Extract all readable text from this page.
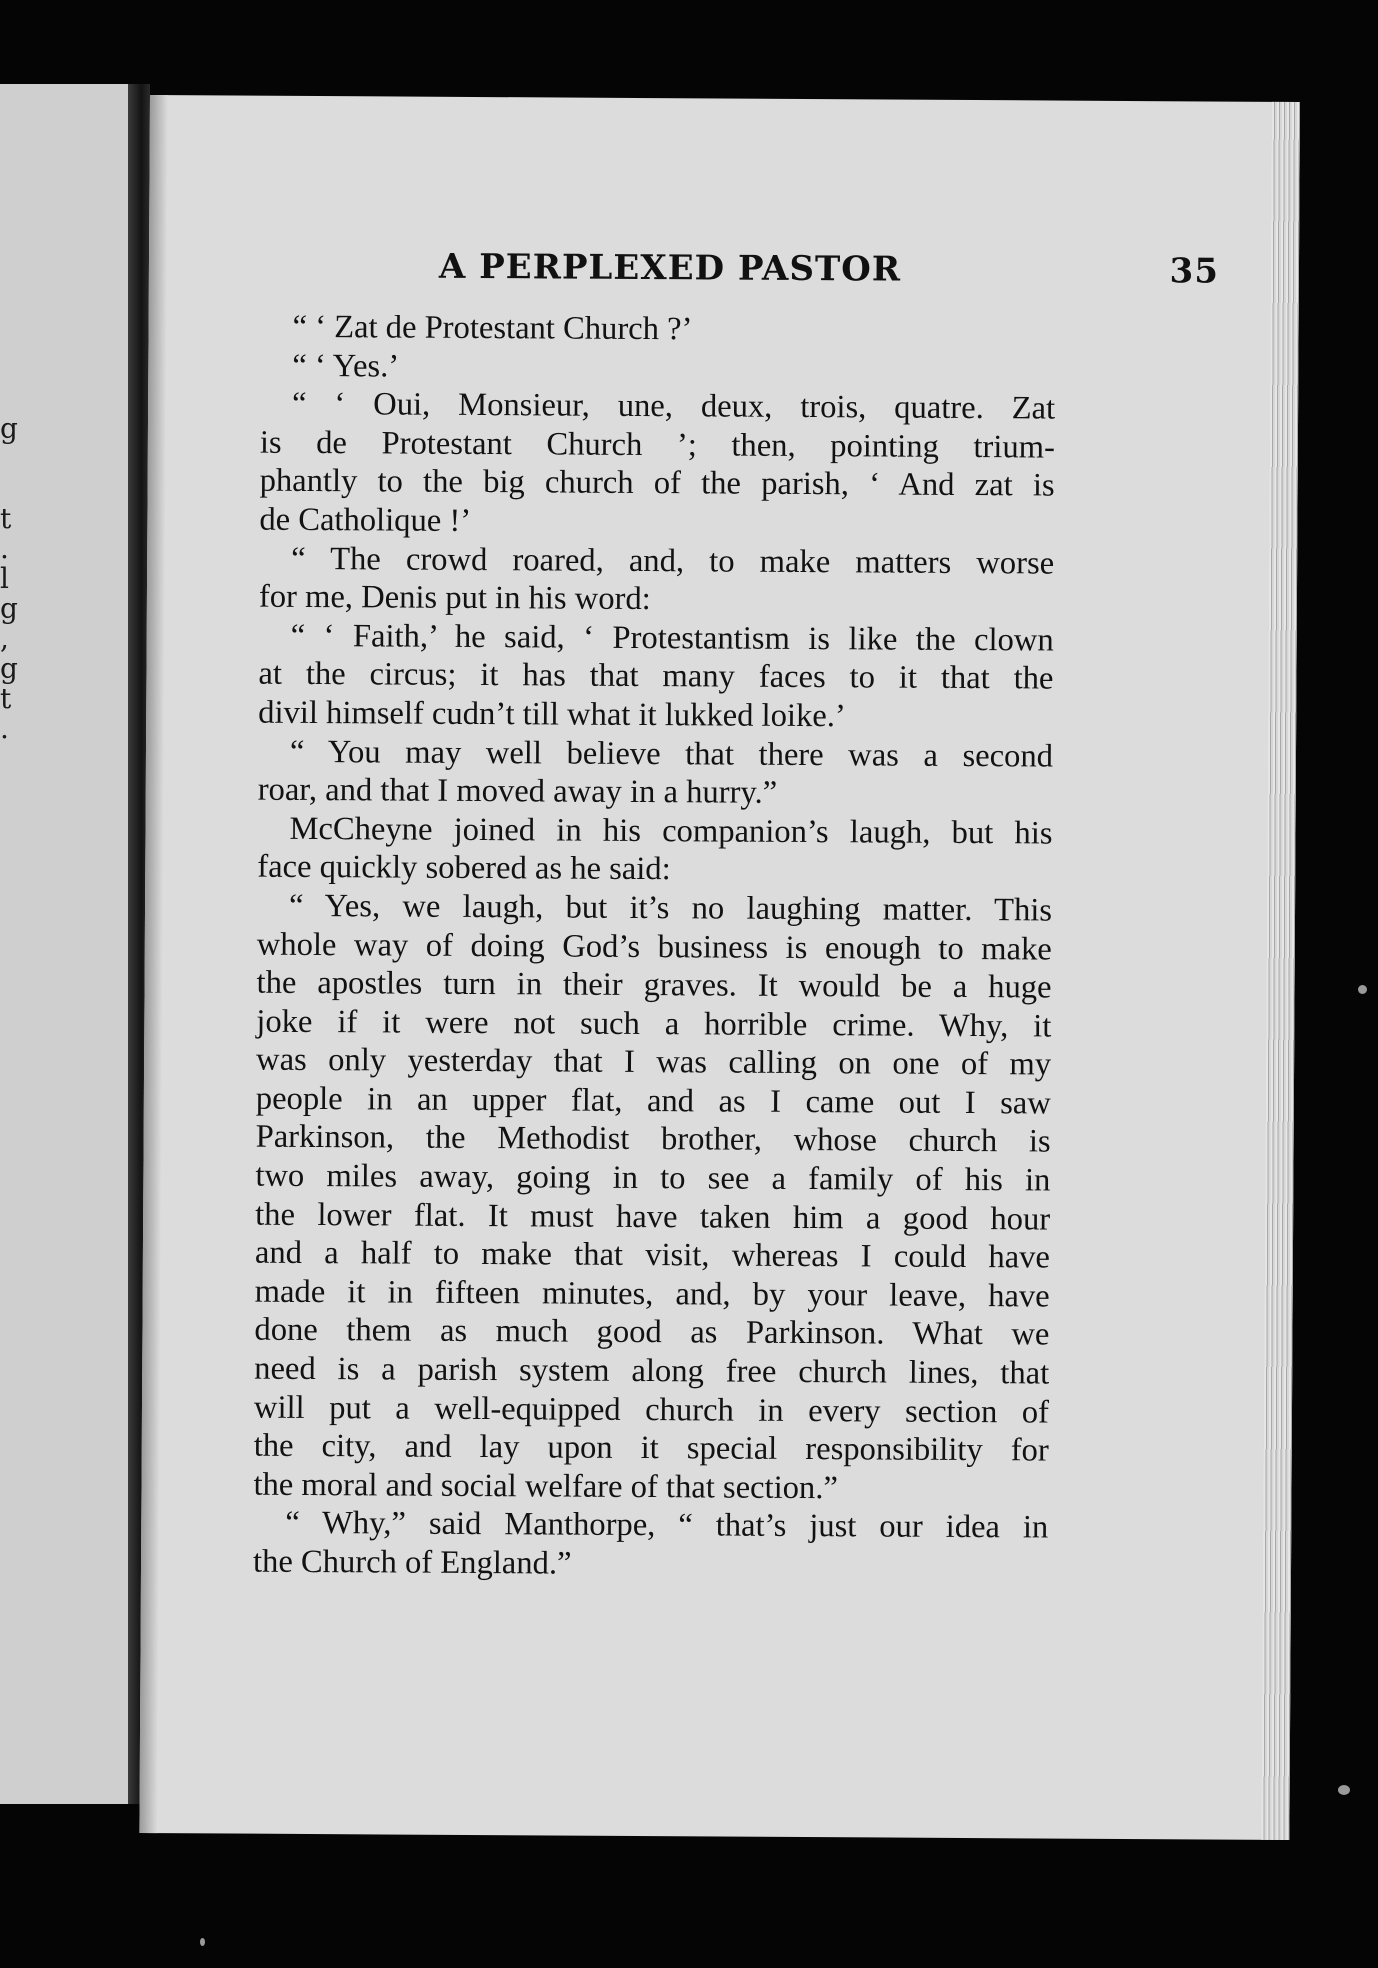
g

t
.
l
g
,
g
t
.
A PERPLEXED PASTOR	35
“ ‘ Zat de Protestant Church ?’
“ ‘ Yes.’
“ ‘ Oui, Monsieur, une, deux, trois, quatre. Zat
is de Protestant Church ’; then, pointing trium-
phantly to the big church of the parish, ‘ And zat is
de Catholique !’
“ The crowd roared, and, to make matters worse
for me, Denis put in his word:
“ ‘ Faith,’ he said, ‘ Protestantism is like the clown
at the circus; it has that many faces to it that the
divil himself cudn’t till what it lukked loike.’
“ You may well believe that there was a second
roar, and that I moved away in a hurry.”
McCheyne joined in his companion’s laugh, but his
face quickly sobered as he said:
“ Yes, we laugh, but it’s no laughing matter. This
whole way of doing God’s business is enough to make
the apostles turn in their graves. It would be a huge
joke if it were not such a horrible crime. Why, it
was only yesterday that I was calling on one of my
people in an upper flat, and as I came out I saw
Parkinson, the Methodist brother, whose church is
two miles away, going in to see a family of his in
the lower flat. It must have taken him a good hour
and a half to make that visit, whereas I could have
made it in fifteen minutes, and, by your leave, have
done them as much good as Parkinson. What we
need is a parish system along free church lines, that
will put a well-equipped church in every section of
the city, and lay upon it special responsibility for
the moral and social welfare of that section.”
“ Why,” said Manthorpe, “ that’s just our idea in
the Church of England.”
